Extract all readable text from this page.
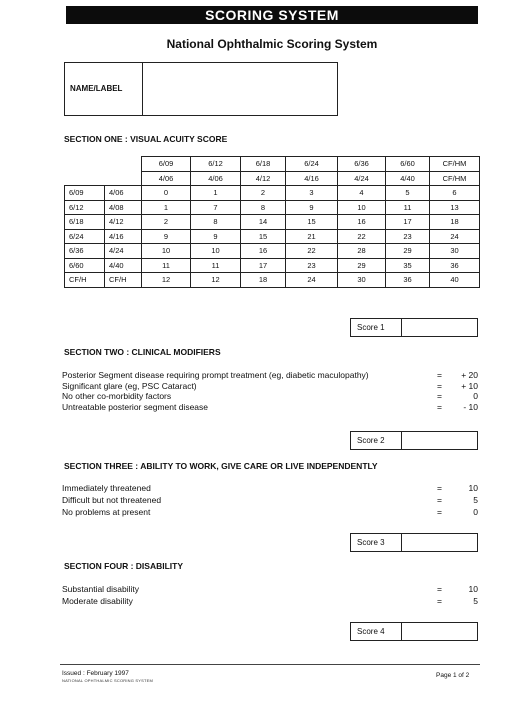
SCORING SYSTEM
National Ophthalmic Scoring System
NAME/LABEL
SECTION ONE : VISUAL ACUITY SCORE
		6/09	6/12	6/18	6/24	6/36	6/60	CF/HM
		4/06	4/06	4/12	4/16	4/24	4/40	CF/HM
6/09	4/06	0	1	2	3	4	5	6
6/12	4/08	1	7	8	9	10	11	13
6/18	4/12	2	8	14	15	16	17	18
6/24	4/16	9	9	15	21	22	23	24
6/36	4/24	10	10	16	22	28	29	30
6/60	4/40	11	11	17	23	29	35	36
CF/H	CF/H	12	12	18	24	30	36	40
Score 1
SECTION TWO : CLINICAL MODIFIERS
Posterior Segment disease requiring prompt treatment (eg, diabetic maculopathy)	=	+ 20
Significant glare (eg, PSC Cataract)	=	+ 10
No other co-morbidity factors	=	0
Untreatable posterior segment disease	=	- 10
Score 2
SECTION THREE : ABILITY TO WORK, GIVE CARE OR LIVE INDEPENDENTLY
Immediately threatened	=	10
Difficult but not threatened	=	5
No problems at present	=	0
Score 3
SECTION FOUR : DISABILITY
Substantial disability	=	10
Moderate disability	=	5
Score 4
Issued : February 1997
NATIONAL OPHTHALMIC SCORING SYSTEM
Page 1 of 2
